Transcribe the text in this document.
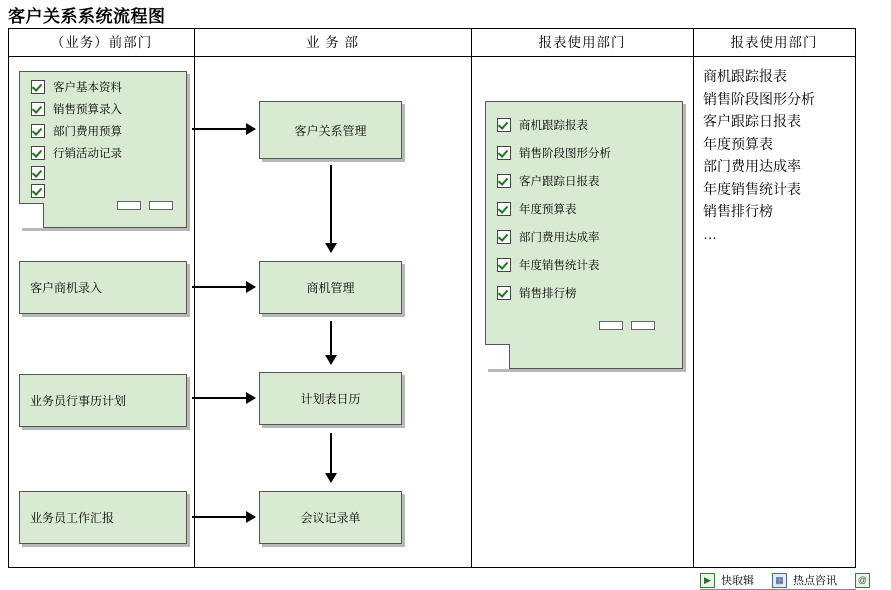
客户关系系统流程图
（业务）前部门	业 务 部	报表使用部门	报表使用部门
客户基本资料
销售预算录入
部门费用预算
行销活动记录
客户商机录入
业务员行事历计划
业务员工作汇报
客户关系管理
商机管理
计划表日历
会议记录单
商机跟踪报表
销售阶段图形分析
客户跟踪日报表
年度预算表
部门费用达成率
年度销售统计表
销售排行榜
商机跟踪报表
销售阶段图形分析
客户跟踪日报表
年度预算表
部门费用达成率
年度销售统计表
销售排行榜
…
▶ 快取辑	▦ 热点咨讯	@
